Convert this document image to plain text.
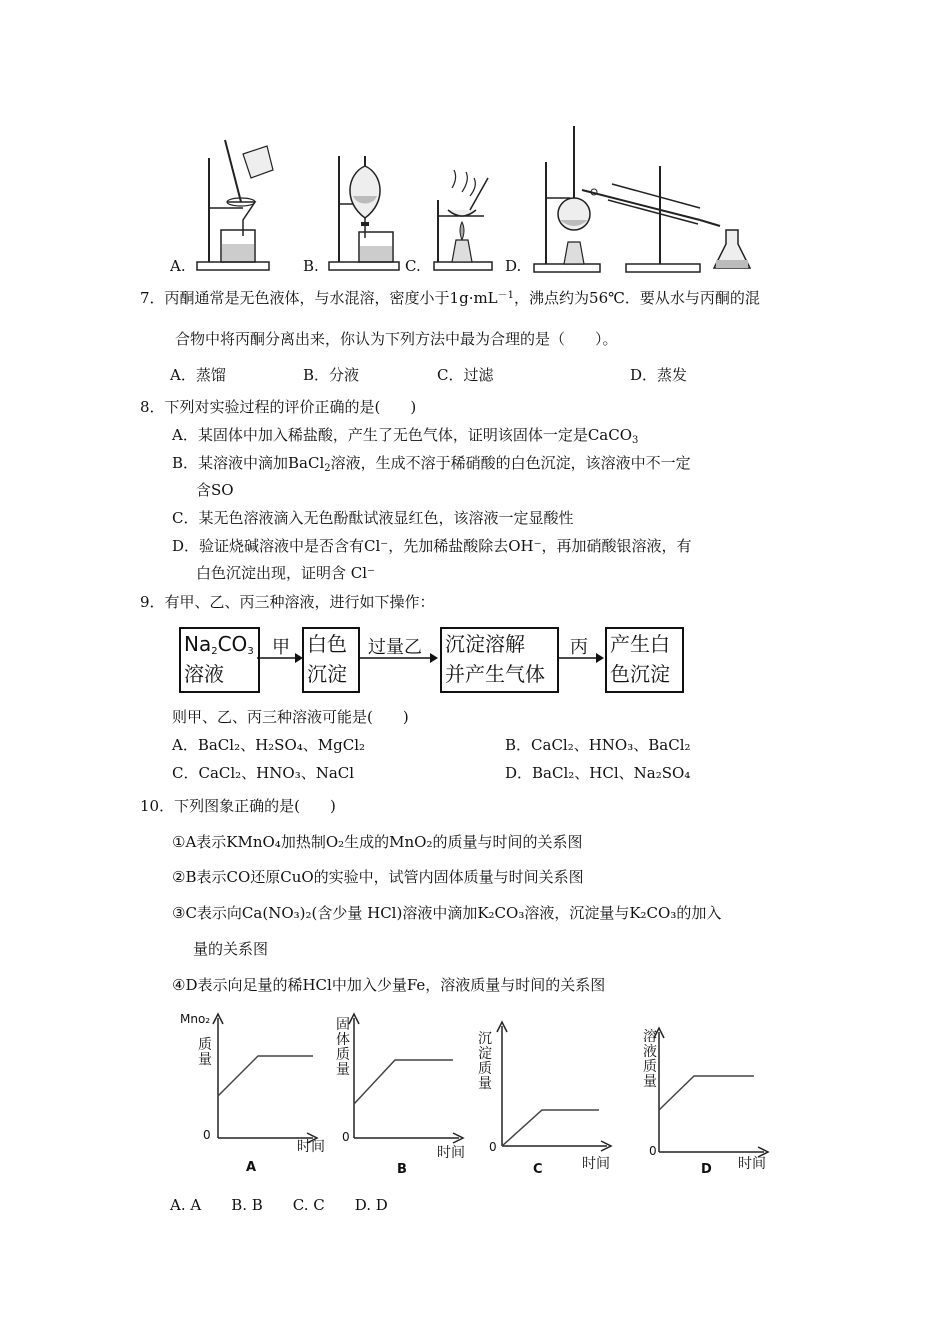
A.	B.	C.	D.
7．丙酮通常是无色液体，与水混溶，密度小于$1g\cdot mL^{-1}$，沸点约为56℃．要从水与丙酮的混
合物中将丙酮分离出来，你认为下列方法中最为合理的是（　　）。
A．蒸馏	B．分液	C．过滤	D．蒸发
8．下列对实验过程的评价正确的是(　　)
A．某固体中加入稀盐酸，产生了无色气体，证明该固体一定是CaCO$_3$
B．某溶液中滴加BaCl$_2$溶液，生成不溶于稀硝酸的白色沉淀，该溶液中不一定
含SO
C．某无色溶液滴入无色酚酞试液显红色，该溶液一定显酸性
D．验证烧碱溶液中是否含有Cl⁻，先加稀盐酸除去OH⁻，再加硝酸银溶液，有
白色沉淀出现，证明含 Cl⁻
9．有甲、乙、丙三种溶液，进行如下操作：
$Na_2CO_3$
溶液
甲 白色
沉淀
过量乙 沉淀溶解
并产生气体
丙 产生白
色沉淀
则甲、乙、丙三种溶液可能是(　　)
A．BaCl₂、H₂SO₄、MgCl₂	B．CaCl₂、HNO₃、BaCl₂
C．CaCl₂、HNO₃、NaCl	D．BaCl₂、HCl、Na₂SO₄
10．下列图象正确的是(　　)
①A表示KMnO₄加热制O₂生成的MnO₂的质量与时间的关系图
②B表示CO还原CuO的实验中，试管内固体质量与时间关系图
③C表示向Ca(NO₃)₂(含少量 HCl)溶液中滴加K₂CO₃溶液，沉淀量与K₂CO₃的加入
量的关系图
④D表示向足量的稀HCl中加入少量Fe，溶液质量与时间的关系图
Mno₂
质量
0
时间
A
固体质量
0
时间
B
沉淀质量
0
时间
C
溶液质量
0
时间
D
A. A　　B. B　　C. C　　D. D
